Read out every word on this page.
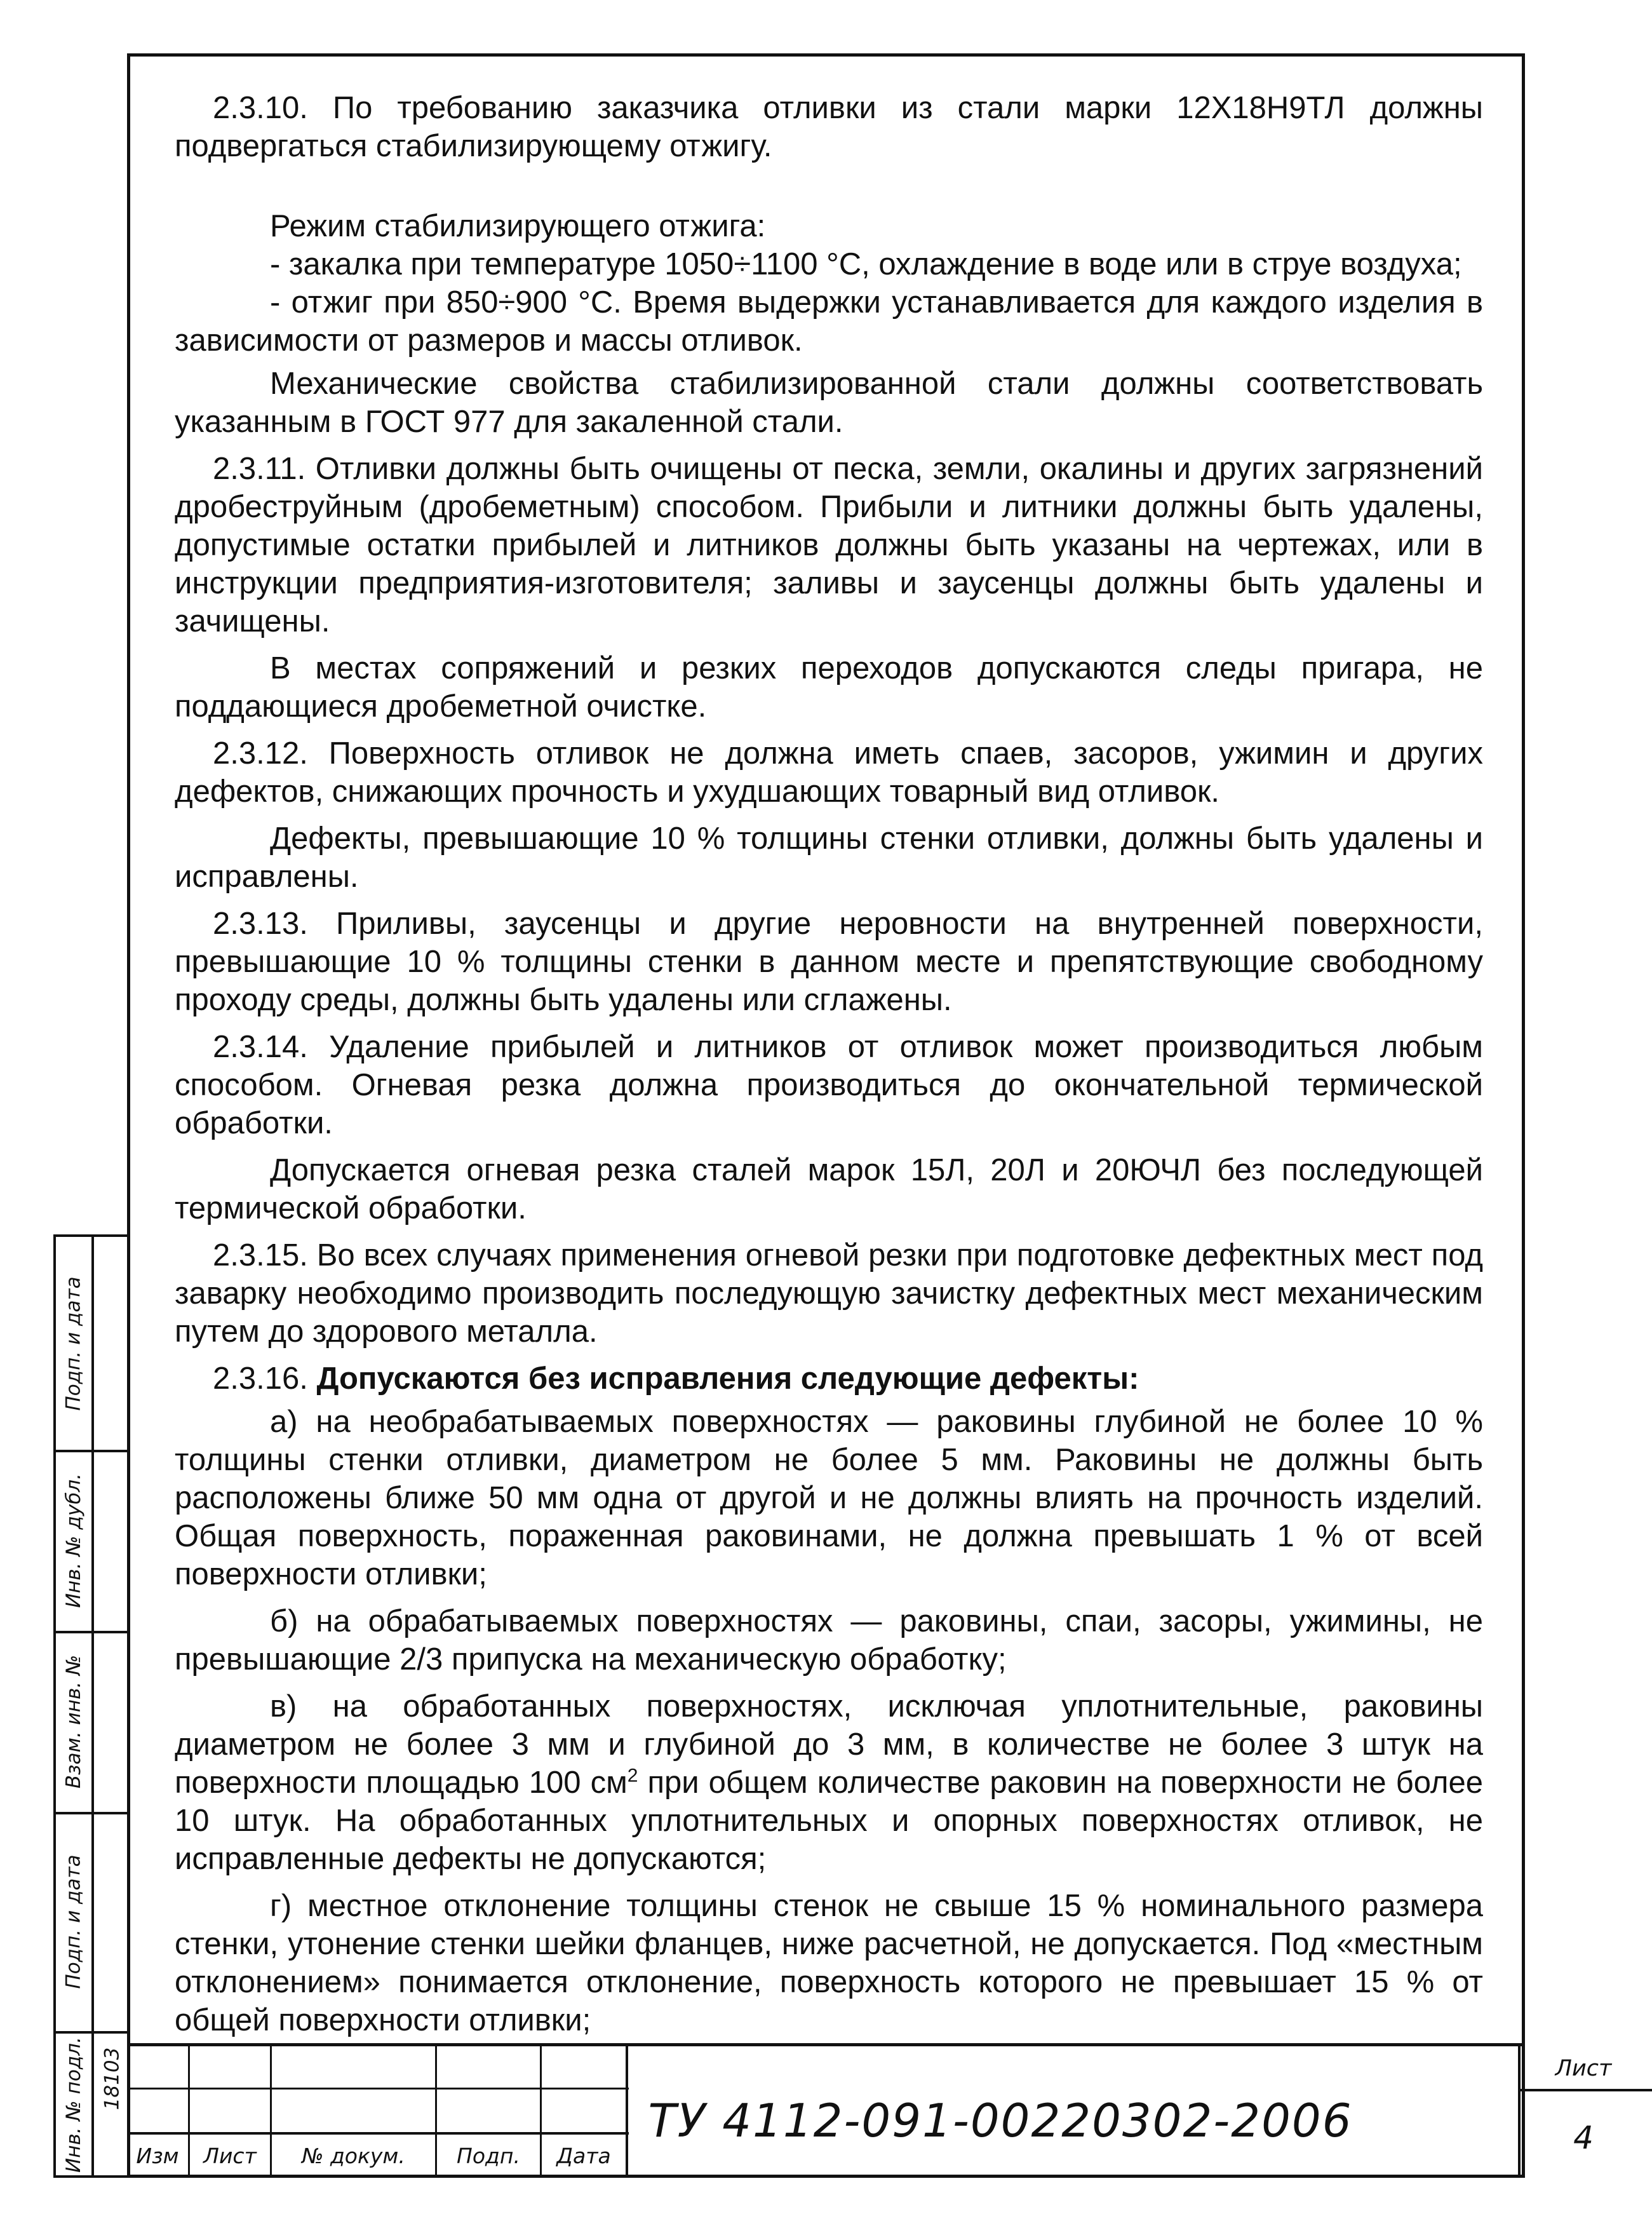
2.3.10. По требованию заказчика отливки из стали марки 12Х18Н9ТЛ должны подвергаться стабилизирующему отжигу.

Режим стабилизирующего отжига:

- закалка при температуре 1050÷1100 °С, охлаждение в воде или в струе воздуха;

- отжиг при 850÷900 °С. Время выдержки устанавливается для каждого изделия в зависимости от размеров и массы отливок.

Механические свойства стабилизированной стали должны соответствовать указанным в ГОСТ 977 для закаленной стали.

2.3.11. Отливки должны быть очищены от песка, земли, окалины и других загрязнений дробеструйным (дробеметным) способом. Прибыли и литники должны быть удалены, допустимые остатки прибылей и литников должны быть указаны на чертежах, или в инструкции предприятия-изготовителя; заливы и заусенцы должны быть удалены и зачищены.

В местах сопряжений и резких переходов допускаются следы пригара, не поддающиеся дробеметной очистке.

2.3.12. Поверхность отливок не должна иметь спаев, засоров, ужимин и других дефектов, снижающих прочность и ухудшающих товарный вид отливок.

Дефекты, превышающие 10 % толщины стенки отливки, должны быть удалены и исправлены.

2.3.13. Приливы, заусенцы и другие неровности на внутренней поверхности, превышающие 10 % толщины стенки в данном месте и препятствующие свободному проходу среды, должны быть удалены или сглажены.

2.3.14. Удаление прибылей и литников от отливок может производиться любым способом. Огневая резка должна производиться до окончательной термической обработки.

Допускается огневая резка сталей марок 15Л, 20Л и 20ЮЧЛ без последующей термической обработки.

2.3.15. Во всех случаях применения огневой резки при подготовке дефектных мест под заварку необходимо производить последующую зачистку дефектных мест механическим путем до здорового металла.

2.3.16. Допускаются без исправления следующие дефекты:

а) на необрабатываемых поверхностях — раковины глубиной не более 10 % толщины стенки отливки, диаметром не более 5 мм. Раковины не должны быть расположены ближе 50 мм одна от другой и не должны влиять на прочность изделий. Общая поверхность, пораженная раковинами, не должна превышать 1 % от всей поверхности отливки;

б) на обрабатываемых поверхностях — раковины, спаи, засоры, ужимины, не превышающие 2/3 припуска на механическую обработку;

в) на обработанных поверхностях, исключая уплотнительные, раковины диаметром не более 3 мм и глубиной до 3 мм, в количестве не более 3 штук на поверхности площадью 100 $см^2$ при общем количестве раковин на поверхности не более 10 штук. На обработанных уплотнительных и опорных поверхностях отливок, не исправленные дефекты не допускаются;

г) местное отклонение толщины стенок не свыше 15 % номинального размера стенки, утонение стенки шейки фланцев, ниже расчетной, не допускается. Под «местным отклонением» понимается отклонение, поверхность которого не превышает 15 % от общей поверхности отливки;

Подп. и дата
Инв. № дубл.
Взам. инв. №
Подп. и дата
Инв. № подл. 18103
Изм	Лист	№ докум.	Подп.	Дата
ТУ 4112-091-00220302-2006
Лист
4
